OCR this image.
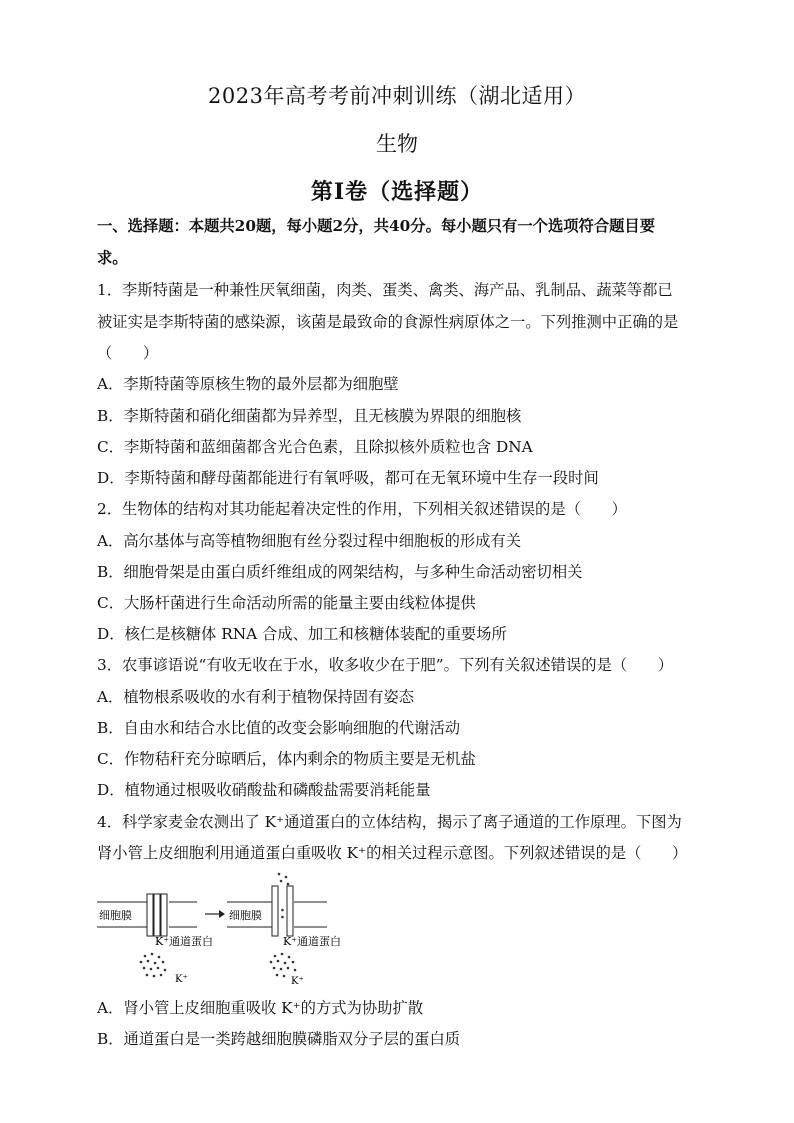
2023年高考考前冲刺训练（湖北适用）
生物
第Ⅰ卷（选择题）
一、选择题：本题共20题，每小题2分，共40分。每小题只有一个选项符合题目要
求。
1．李斯特菌是一种兼性厌氧细菌，肉类、蛋类、禽类、海产品、乳制品、蔬菜等都已
被证实是李斯特菌的感染源，该菌是最致命的食源性病原体之一。下列推测中正确的是
（　　）
A．李斯特菌等原核生物的最外层都为细胞壁
B．李斯特菌和硝化细菌都为异养型，且无核膜为界限的细胞核
C．李斯特菌和蓝细菌都含光合色素，且除拟核外质粒也含 DNA
D．李斯特菌和酵母菌都能进行有氧呼吸，都可在无氧环境中生存一段时间
2．生物体的结构对其功能起着决定性的作用，下列相关叙述错误的是（　　）
A．高尔基体与高等植物细胞有丝分裂过程中细胞板的形成有关
B．细胞骨架是由蛋白质纤维组成的网架结构，与多种生命活动密切相关
C．大肠杆菌进行生命活动所需的能量主要由线粒体提供
D．核仁是核糖体 RNA 合成、加工和核糖体装配的重要场所
3．农事谚语说“有收无收在于水，收多收少在于肥”。下列有关叙述错误的是（　　）
A．植物根系吸收的水有利于植物保持固有姿态
B．自由水和结合水比值的改变会影响细胞的代谢活动
C．作物秸秆充分晾晒后，体内剩余的物质主要是无机盐
D．植物通过根吸收硝酸盐和磷酸盐需要消耗能量
4．科学家麦金农测出了 K⁺通道蛋白的立体结构，揭示了离子通道的工作原理。下图为
肾小管上皮细胞利用通道蛋白重吸收 K⁺的相关过程示意图。下列叙述错误的是（　　）
细胞膜
K⁺通道蛋白
K⁺
细胞膜
K⁺通道蛋白
K⁺
A．肾小管上皮细胞重吸收 K⁺的方式为协助扩散
B．通道蛋白是一类跨越细胞膜磷脂双分子层的蛋白质
